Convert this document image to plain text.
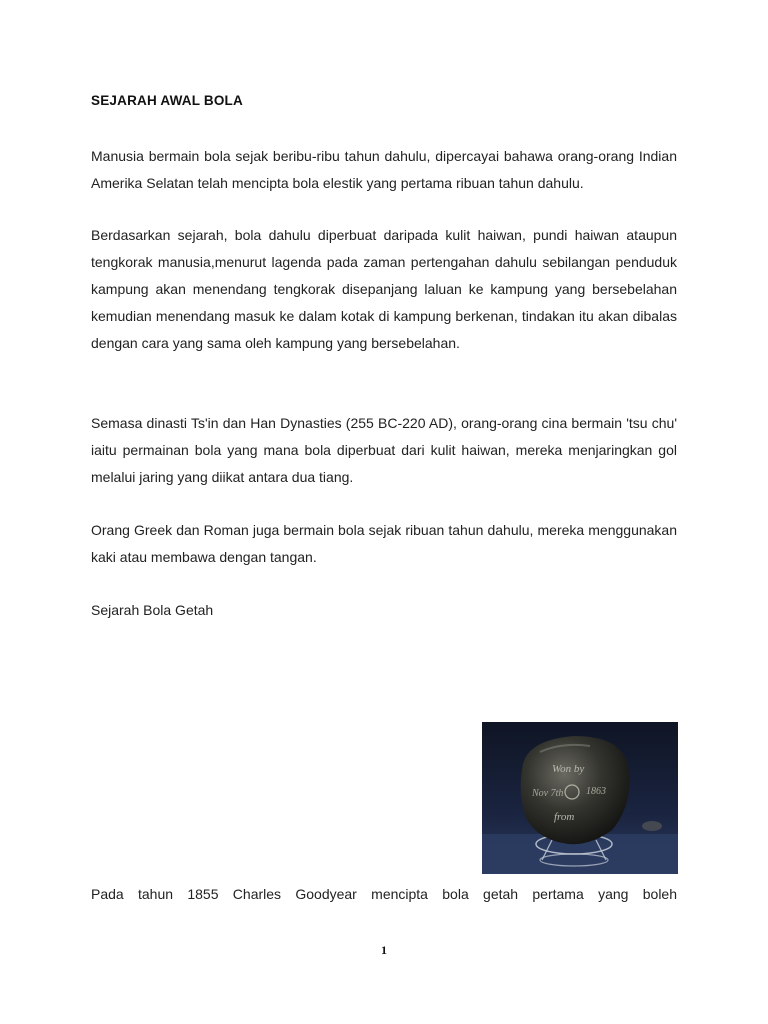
SEJARAH AWAL BOLA
Manusia bermain bola sejak beribu-ribu tahun dahulu, dipercayai bahawa orang-orang Indian Amerika Selatan telah mencipta bola elestik yang pertama ribuan tahun dahulu.
Berdasarkan sejarah, bola dahulu diperbuat daripada kulit haiwan, pundi haiwan ataupun tengkorak manusia,menurut lagenda pada zaman pertengahan dahulu sebilangan penduduk kampung akan menendang tengkorak disepanjang laluan ke kampung yang bersebelahan kemudian menendang masuk ke dalam kotak di kampung berkenan, tindakan itu akan dibalas dengan cara yang sama oleh kampung yang bersebelahan.
Semasa dinasti Ts'in dan Han Dynasties (255 BC-220 AD), orang-orang cina bermain 'tsu chu' iaitu permainan bola yang mana bola diperbuat dari kulit haiwan, mereka menjaringkan gol melalui jaring yang diikat antara dua tiang.
Orang Greek dan Roman juga bermain bola sejak ribuan tahun dahulu, mereka menggunakan kaki atau membawa dengan tangan.
Sejarah Bola Getah
Won by
Nov 7th 1863
from
Pada tahun 1855 Charles Goodyear mencipta bola getah pertama yang boleh
1
